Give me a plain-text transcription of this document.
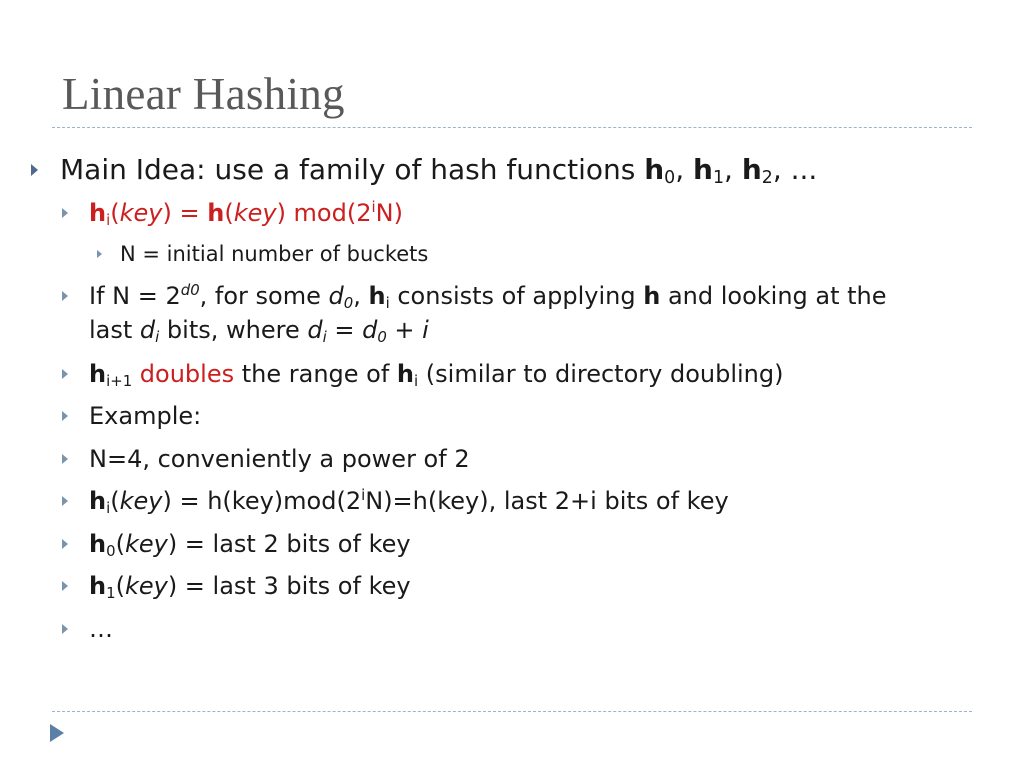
Linear Hashing
Main Idea: use a family of hash functions $h_0$, $h_1$, $h_2$, ...
$h_i(key) = h(key)$ mod(2$^i$N)
N = initial number of buckets
If $N = 2^{d0}$, for some $d_0$, $h_i$ consists of applying h and looking at the
last $d_i$ bits, where $d_i = d_0 + i$
$h_{i+1}$ doubles the range of $h_i$ (similar to directory doubling)
Example:
N=4, conveniently a power of 2
$h_i(key) = h(key)mod(2^iN)=h(key)$, last 2+i bits of key
$h_0(key)$ = last 2 bits of key
$h_1(key)$ = last 3 bits of key
…
